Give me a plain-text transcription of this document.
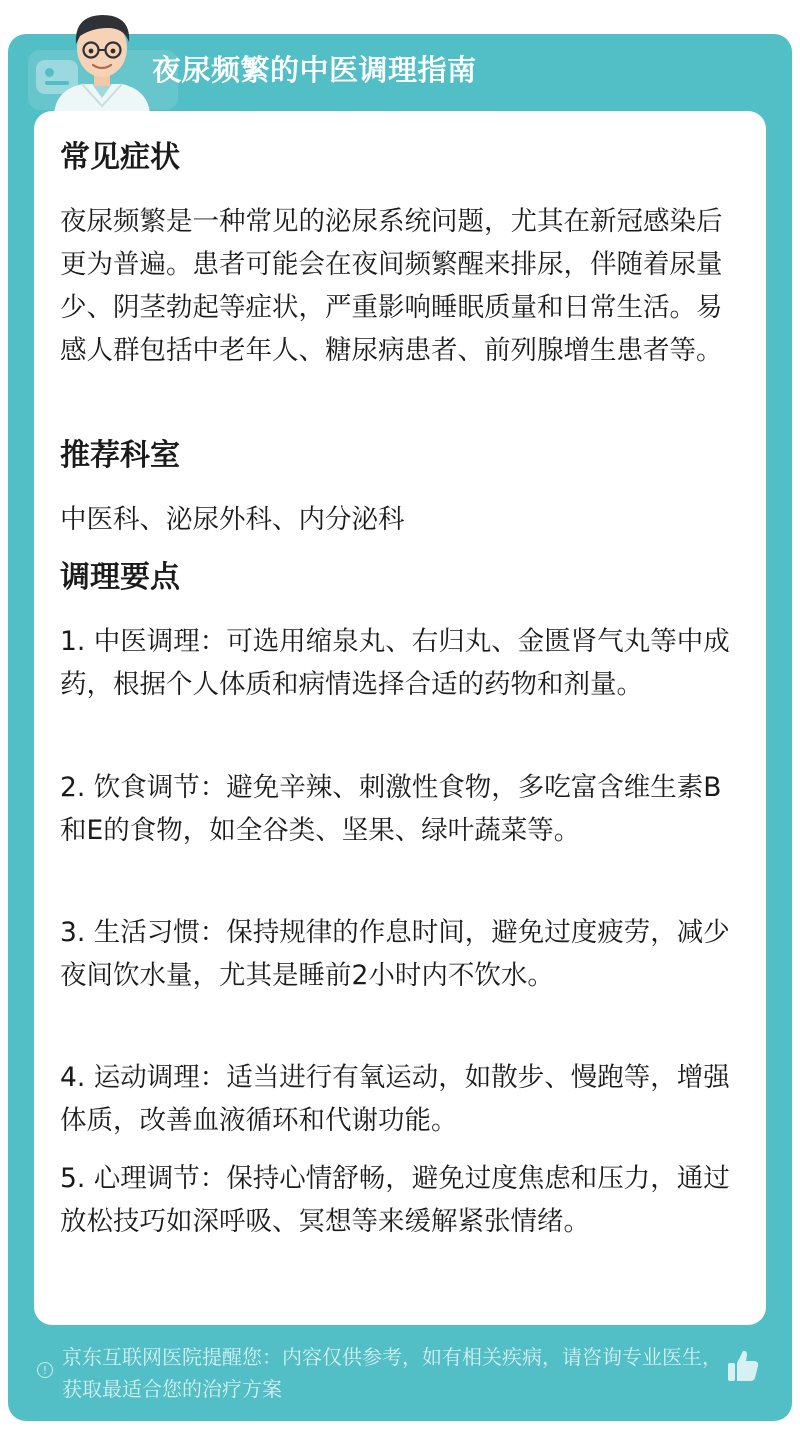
夜尿频繁的中医调理指南
常见症状

夜尿频繁是一种常见的泌尿系统问题，尤其在新冠感染后更为普遍。患者可能会在夜间频繁醒来排尿，伴随着尿量少、阴茎勃起等症状，严重影响睡眠质量和日常生活。易感人群包括中老年人、糖尿病患者、前列腺增生患者等。

推荐科室

中医科、泌尿外科、内分泌科

调理要点

1. 中医调理：可选用缩泉丸、右归丸、金匮肾气丸等中成药，根据个人体质和病情选择合适的药物和剂量。

2. 饮食调节：避免辛辣、刺激性食物，多吃富含维生素B和E的食物，如全谷类、坚果、绿叶蔬菜等。

3. 生活习惯：保持规律的作息时间，避免过度疲劳，减少夜间饮水量，尤其是睡前2小时内不饮水。

4. 运动调理：适当进行有氧运动，如散步、慢跑等，增强体质，改善血液循环和代谢功能。

5. 心理调节：保持心情舒畅，避免过度焦虑和压力，通过放松技巧如深呼吸、冥想等来缓解紧张情绪。

!
京东互联网医院提醒您：内容仅供参考，如有相关疾病，请咨询专业医生，获取最适合您的治疗方案
